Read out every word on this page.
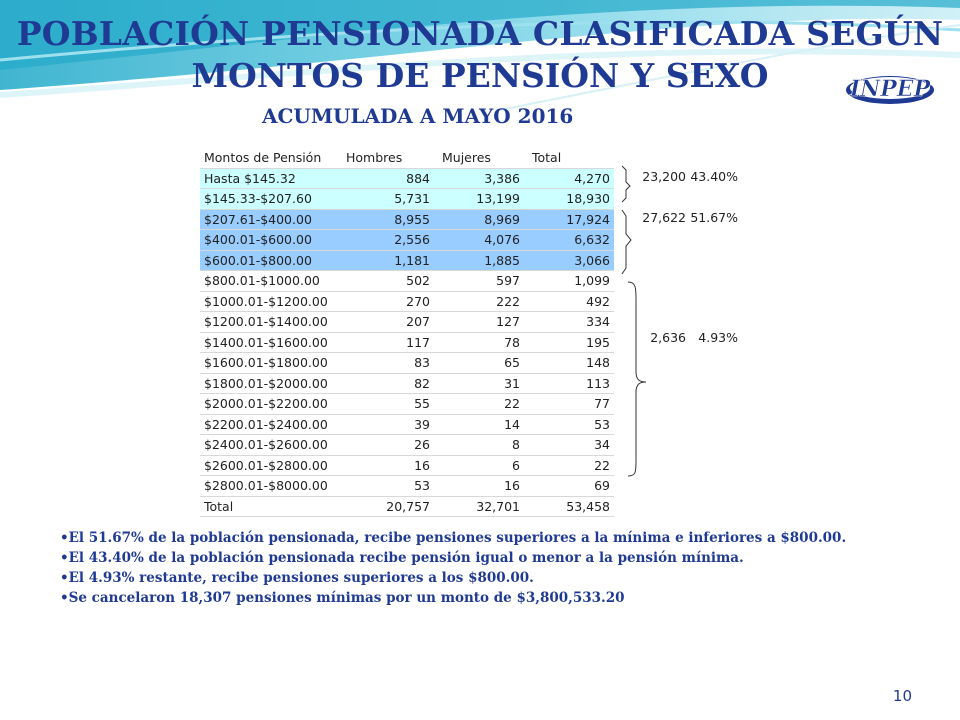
POBLACIÓN PENSIONADA CLASIFICADA SEGÚN
MONTOS DE PENSIÓN Y SEXO
ACUMULADA A MAYO 2016
INPEP
Montos de Pensión	Hombres	Mujeres	Total
Hasta $145.32	884	3,386	4,270
$145.33-$207.60	5,731	13,199	18,930
$207.61-$400.00	8,955	8,969	17,924
$400.01-$600.00	2,556	4,076	6,632
$600.01-$800.00	1,181	1,885	3,066
$800.01-$1000.00	502	597	1,099
$1000.01-$1200.00	270	222	492
$1200.01-$1400.00	207	127	334
$1400.01-$1600.00	117	78	195
$1600.01-$1800.00	83	65	148
$1800.01-$2000.00	82	31	113
$2000.01-$2200.00	55	22	77
$2200.01-$2400.00	39	14	53
$2400.01-$2600.00	26	8	34
$2600.01-$2800.00	16	6	22
$2800.01-$8000.00	53	16	69
Total	20,757	32,701	53,458
23,200 43.40%
27,622 51.67%
2,636 4.93%
•El 51.67% de la población pensionada, recibe pensiones superiores a la mínima e inferiores a $800.00.
•El 43.40% de la población pensionada recibe pensión igual o menor a la pensión mínima.
•El 4.93% restante, recibe pensiones superiores a los $800.00.
•Se cancelaron 18,307 pensiones mínimas por un monto de $3,800,533.20
10
